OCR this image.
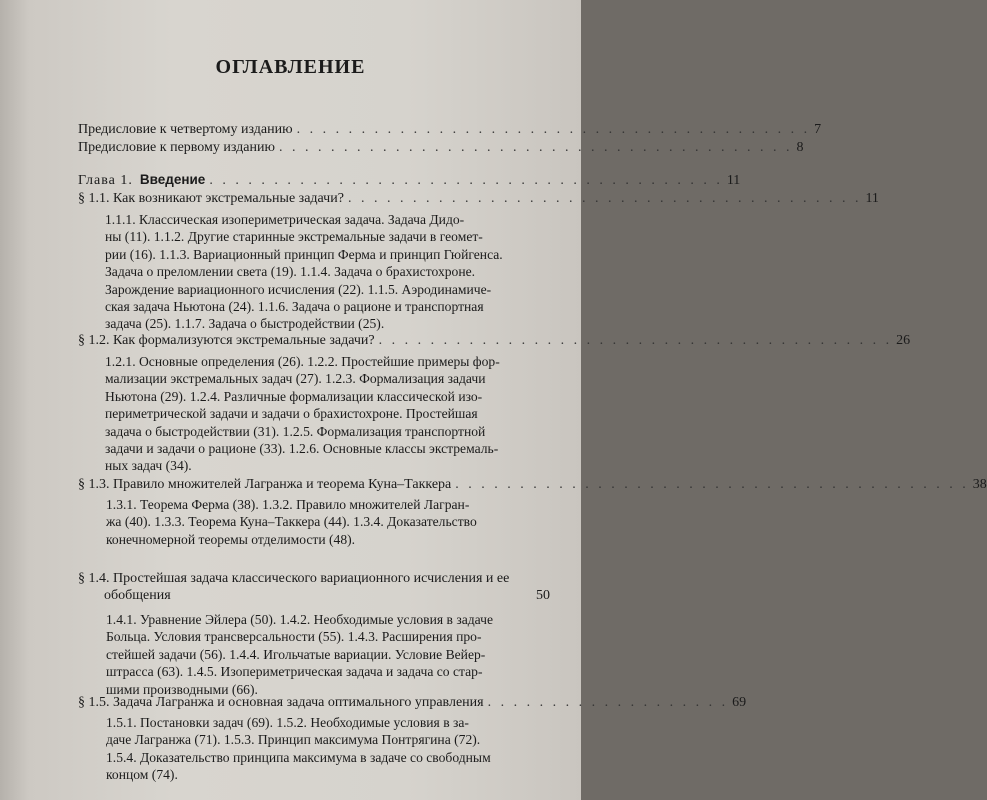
ОГЛАВЛЕНИЕ
Предисловие к четвертому изданию . . . . . . . . . . . . . . . . . . . . . . . . . . . . . . . . . . . . . . . . 7
Предисловие к первому изданию . . . . . . . . . . . . . . . . . . . . . . . . . . . . . . . . . . . . . . . . 8
Глава 1. Введение . . . . . . . . . . . . . . . . . . . . . . . . . . . . . . . . . . . . . . . . 11
§ 1.1. Как возникают экстремальные задачи? . . . . . . . . . . . . . . . . . . . . . . . . . . . . . . . . . . . . . . . . 11
1.1.1. Классическая изопериметрическая задача. Задача Дидо-
ны (11). 1.1.2. Другие старинные экстремальные задачи в геомет-
рии (16). 1.1.3. Вариационный принцип Ферма и принцип Гюйгенса.
Задача о преломлении света (19). 1.1.4. Задача о брахистохроне.
Зарождение вариационного исчисления (22). 1.1.5. Аэродинамиче-
ская задача Ньютона (24). 1.1.6. Задача о рационе и транспортная
задача (25). 1.1.7. Задача о быстродействии (25).
§ 1.2. Как формализуются экстремальные задачи? . . . . . . . . . . . . . . . . . . . . . . . . . . . . . . . . . . . . . . . . 26
1.2.1. Основные определения (26). 1.2.2. Простейшие примеры фор-
мализации экстремальных задач (27). 1.2.3. Формализация задачи
Ньютона (29). 1.2.4. Различные формализации классической изо-
периметрической задачи и задачи о брахистохроне. Простейшая
задача о быстродействии (31). 1.2.5. Формализация транспортной
задачи и задачи о рационе (33). 1.2.6. Основные классы экстремаль-
ных задач (34).
§ 1.3. Правило множителей Лагранжа и теорема Куна–Таккера . . . . . . . . . . . . . . . . . . . . . . . . . . . . . . . . . . . . . . . . 38
1.3.1. Теорема Ферма (38). 1.3.2. Правило множителей Лагран-
жа (40). 1.3.3. Теорема Куна–Таккера (44). 1.3.4. Доказательство
конечномерной теоремы отделимости (48).
§ 1.4. Простейшая задача классического вариационного исчисления и ее
обобщения	50
1.4.1. Уравнение Эйлера (50). 1.4.2. Необходимые условия в задаче
Больца. Условия трансверсальности (55). 1.4.3. Расширения про-
стейшей задачи (56). 1.4.4. Игольчатые вариации. Условие Вейер-
штрасса (63). 1.4.5. Изопериметрическая задача и задача со стар-
шими производными (66).
§ 1.5. Задача Лагранжа и основная задача оптимального управления . . . . . . . . . . . . . . . . . . . 69
1.5.1. Постановки задач (69). 1.5.2. Необходимые условия в за-
даче Лагранжа (71). 1.5.3. Принцип максимума Понтрягина (72).
1.5.4. Доказательство принципа максимума в задаче со свободным
концом (74).
